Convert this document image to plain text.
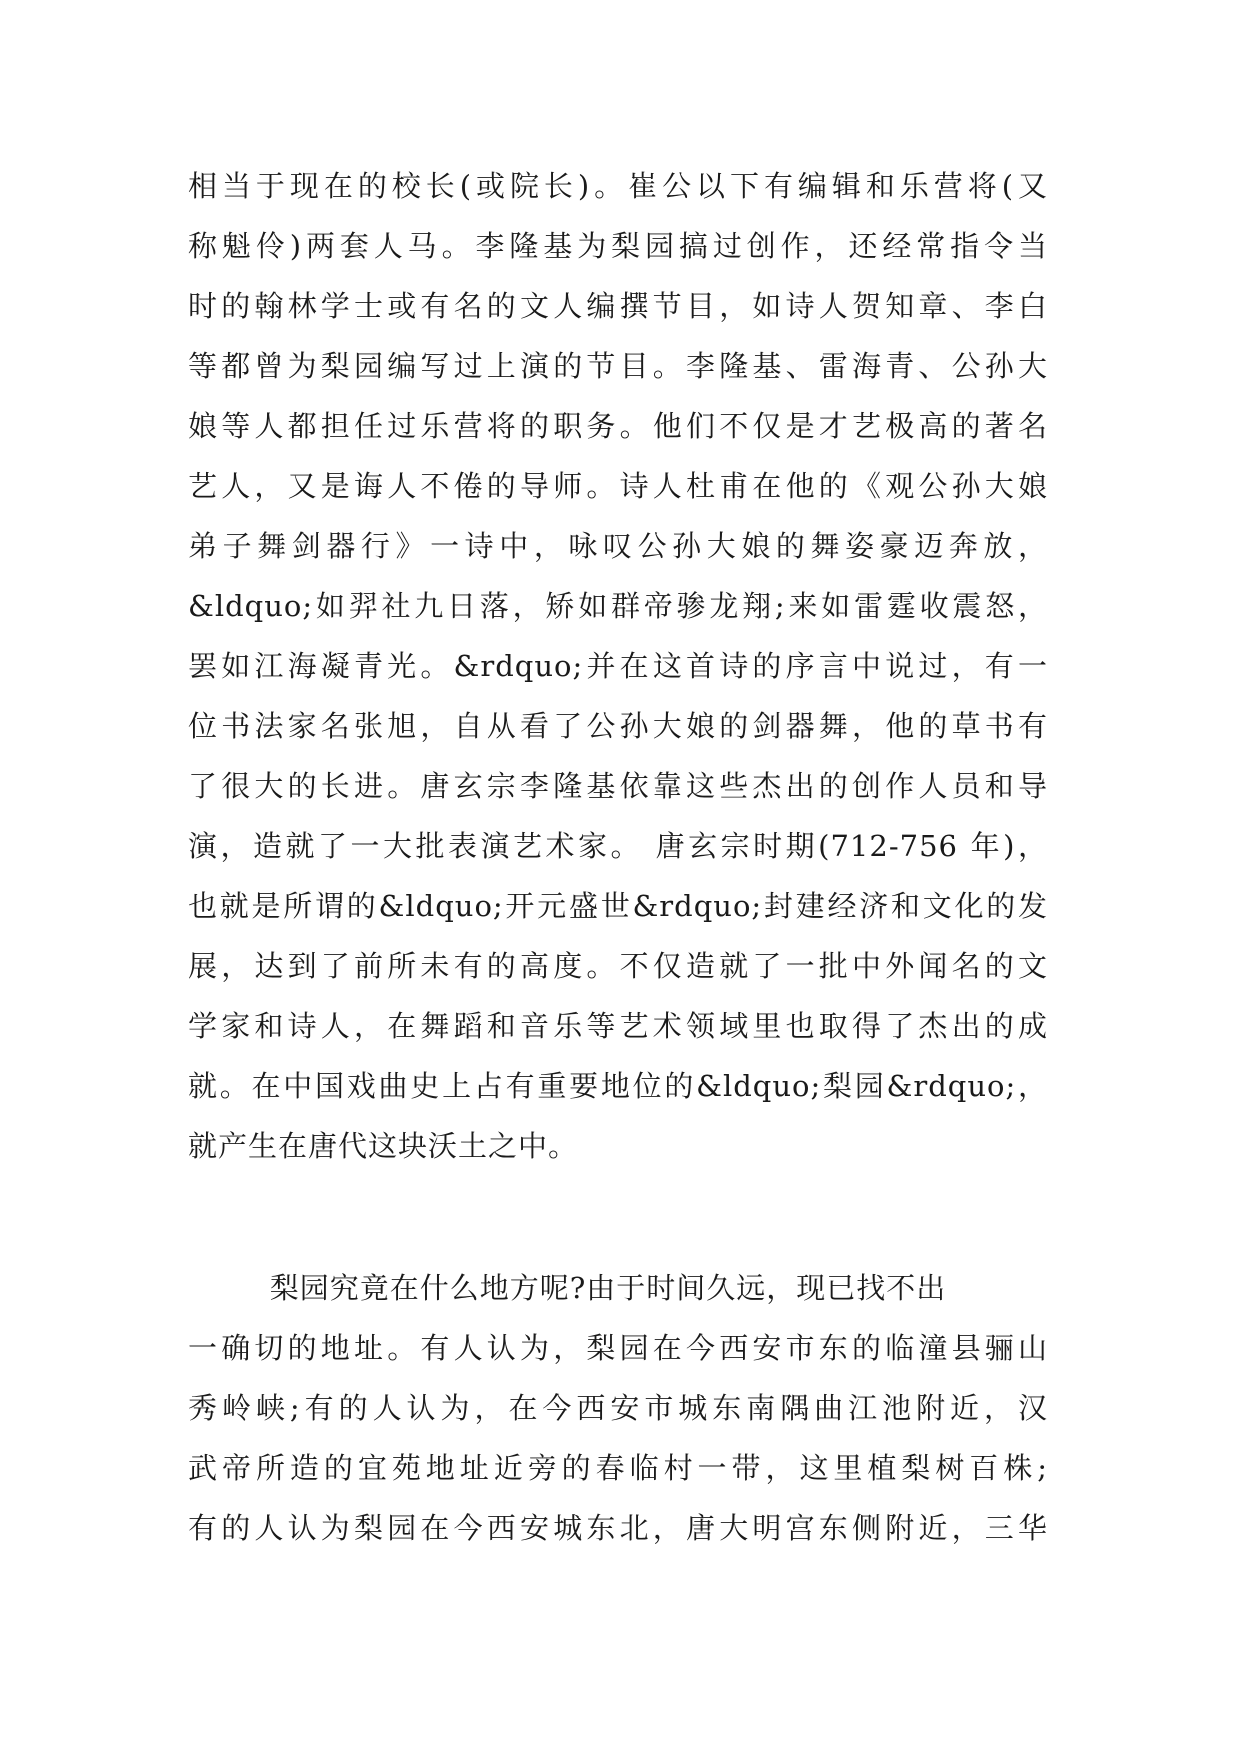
相当于现在的校长(或院长)。崔公以下有编辑和乐营将(又
称魁伶)两套人马。李隆基为梨园搞过创作，还经常指令当
时的翰林学士或有名的文人编撰节目，如诗人贺知章、李白
等都曾为梨园编写过上演的节目。李隆基、雷海青、公孙大
娘等人都担任过乐营将的职务。他们不仅是才艺极高的著名
艺人，又是诲人不倦的导师。诗人杜甫在他的《观公孙大娘
弟子舞剑器行》一诗中，咏叹公孙大娘的舞姿豪迈奔放，
&ldquo;如羿社九日落，矫如群帝骖龙翔;来如雷霆收震怒，
罢如江海凝青光。&rdquo;并在这首诗的序言中说过，有一
位书法家名张旭，自从看了公孙大娘的剑器舞，他的草书有
了很大的长进。唐玄宗李隆基依靠这些杰出的创作人员和导
演，造就了一大批表演艺术家。 唐玄宗时期(712-756 年)，
也就是所谓的&ldquo;开元盛世&rdquo;封建经济和文化的发
展，达到了前所未有的高度。不仅造就了一批中外闻名的文
学家和诗人，在舞蹈和音乐等艺术领域里也取得了杰出的成
就。在中国戏曲史上占有重要地位的&ldquo;梨园&rdquo;，
就产生在唐代这块沃土之中。
梨园究竟在什么地方呢?由于时间久远，现已找不出
一确切的地址。有人认为，梨园在今西安市东的临潼县骊山
秀岭峡;有的人认为，在今西安市城东南隅曲江池附近，汉
武帝所造的宜苑地址近旁的春临村一带，这里植梨树百株;
有的人认为梨园在今西安城东北，唐大明宫东侧附近，三华
